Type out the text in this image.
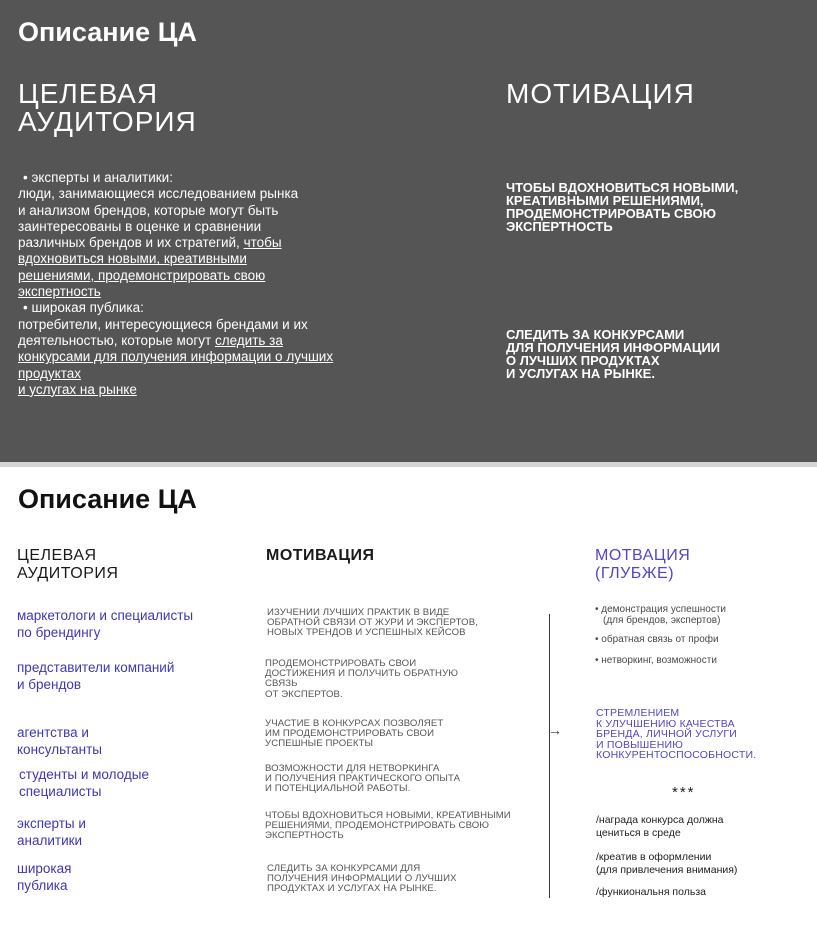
Описание ЦА
ЦЕЛЕВАЯ
АУДИТОРИЯ
МОТИВАЦИЯ
• эксперты и аналитики:
люди, занимающиеся исследованием рынка
и анализом брендов, которые могут быть
заинтересованы в оценке и сравнении
различных брендов и их стратегий, чтобы
вдохновиться новыми, креативными
решениями, продемонстрировать свою
экспертность
• широкая публика:
потребители, интересующиеся брендами и их
деятельностью, которые могут следить за
конкурсами для получения информации о лучших
продуктах
и услугах на рынке
ЧТОБЫ ВДОХНОВИТЬСЯ НОВЫМИ,
КРЕАТИВНЫМИ РЕШЕНИЯМИ,
ПРОДЕМОНСТРИРОВАТЬ СВОЮ
ЭКСПЕРТНОСТЬ
СЛЕДИТЬ ЗА КОНКУРСАМИ
ДЛЯ ПОЛУЧЕНИЯ ИНФОРМАЦИИ
О ЛУЧШИХ ПРОДУКТАХ
И УСЛУГАХ НА РЫНКЕ.
Описание ЦА
ЦЕЛЕВАЯ
АУДИТОРИЯ
МОТИВАЦИЯ	МОТВАЦИЯ
(ГЛУБЖЕ)
маркетологи и специалисты
по брендингу
представители компаний
и брендов
агентства и
консультанты
студенты и молодые
специалисты
эксперты и
аналитики
широкая
публика
ИЗУЧЕНИИ ЛУЧШИХ ПРАКТИК В ВИДЕ
ОБРАТНОЙ СВЯЗИ ОТ ЖУРИ И ЭКСПЕРТОВ,
НОВЫХ ТРЕНДОВ И УСПЕШНЫХ КЕЙСОВ
ПРОДЕМОНСТРИРОВАТЬ СВОИ
ДОСТИЖЕНИЯ И ПОЛУЧИТЬ ОБРАТНУЮ
СВЯЗЬ
ОТ ЭКСПЕРТОВ.
УЧАСТИЕ В КОНКУРСАХ ПОЗВОЛЯЕТ
ИМ ПРОДЕМОНСТРИРОВАТЬ СВОИ
УСПЕШНЫЕ ПРОЕКТЫ
ВОЗМОЖНОСТИ ДЛЯ НЕТВОРКИНГА
И ПОЛУЧЕНИЯ ПРАКТИЧЕСКОГО ОПЫТА
И ПОТЕНЦИАЛЬНОЙ РАБОТЫ.
ЧТОБЫ ВДОХНОВИТЬСЯ НОВЫМИ, КРЕАТИВНЫМИ
РЕШЕНИЯМИ, ПРОДЕМОНСТРИРОВАТЬ СВОЮ
ЭКСПЕРТНОСТЬ
СЛЕДИТЬ ЗА КОНКУРСАМИ ДЛЯ
ПОЛУЧЕНИЯ ИНФОРМАЦИИ О ЛУЧШИХ
ПРОДУКТАХ И УСЛУГАХ НА РЫНКЕ.
→
• демонстрация успешности
(для брендов, экспертов)
• обратная связь от профи
• нетворкинг, возможности
СТРЕМЛЕНИЕМ
К УЛУЧШЕНИЮ КАЧЕСТВА
БРЕНДА, ЛИЧНОЙ УСЛУГИ
И ПОВЫШЕНИЮ
КОНКУРЕНТОСПОСОБНОСТИ.
***
/награда конкурса должна
цениться в среде
/креатив в оформлении
(для привлечения внимания)
/функиональня польза
